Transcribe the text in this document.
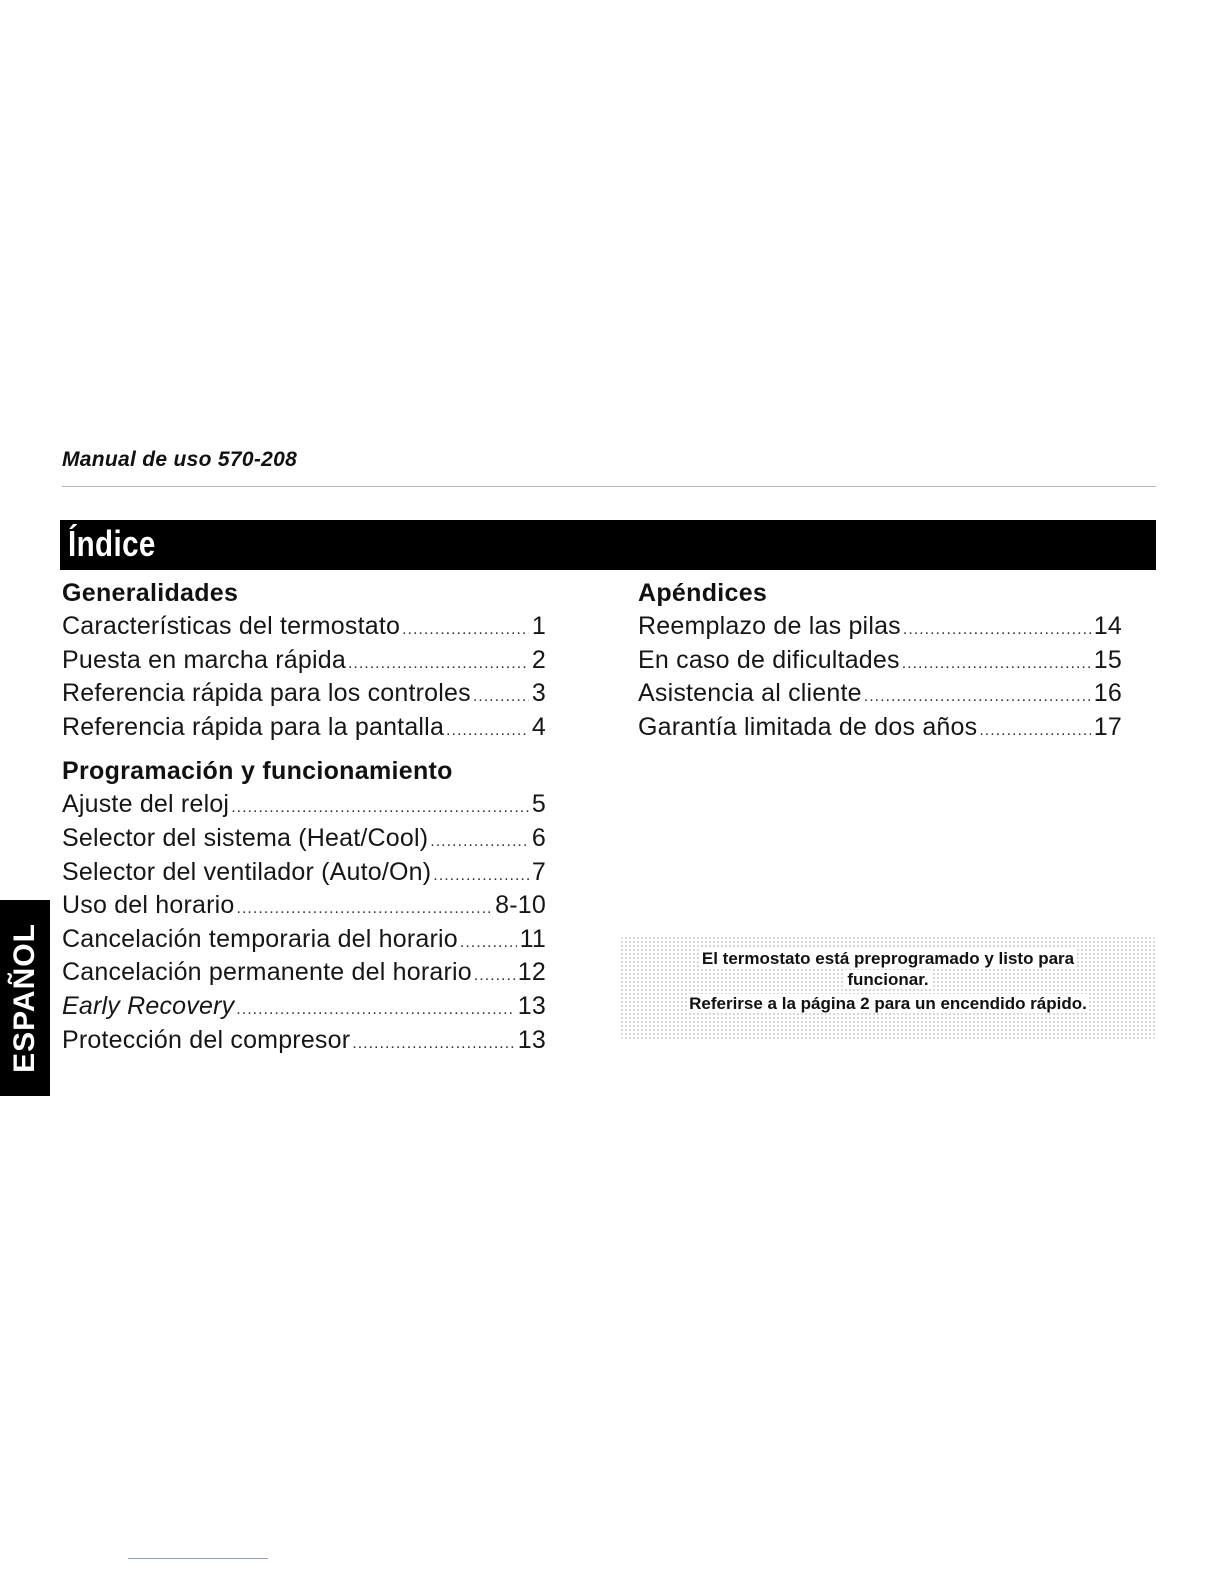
Manual de uso 570-208
Índice
Generalidades
Características del termostato .....	1
Puesta en marcha rápida .....	2
Referencia rápida para los controles ..... 3
Referencia rápida para la pantalla .....	4
Programación y funcionamiento
Ajuste del reloj .....	5
Selector del sistema (Heat/Cool) .....	6
Selector del ventilador (Auto/On) .....	7
Uso del horario .....	8-10
Cancelación temporaria del horario ..... 11
Cancelación permanente del horario ..... 12
Early Recovery .....	13
Protección del compresor .....	13
Apéndices
Reemplazo de las pilas .....	14
En caso de dificultades .....	15
Asistencia al cliente .....	16
Garantía limitada de dos años .....	17
El termostato está preprogramado y listo para
funcionar.
Referirse a la página 2 para un encendido rápido.
ESPAÑOL
